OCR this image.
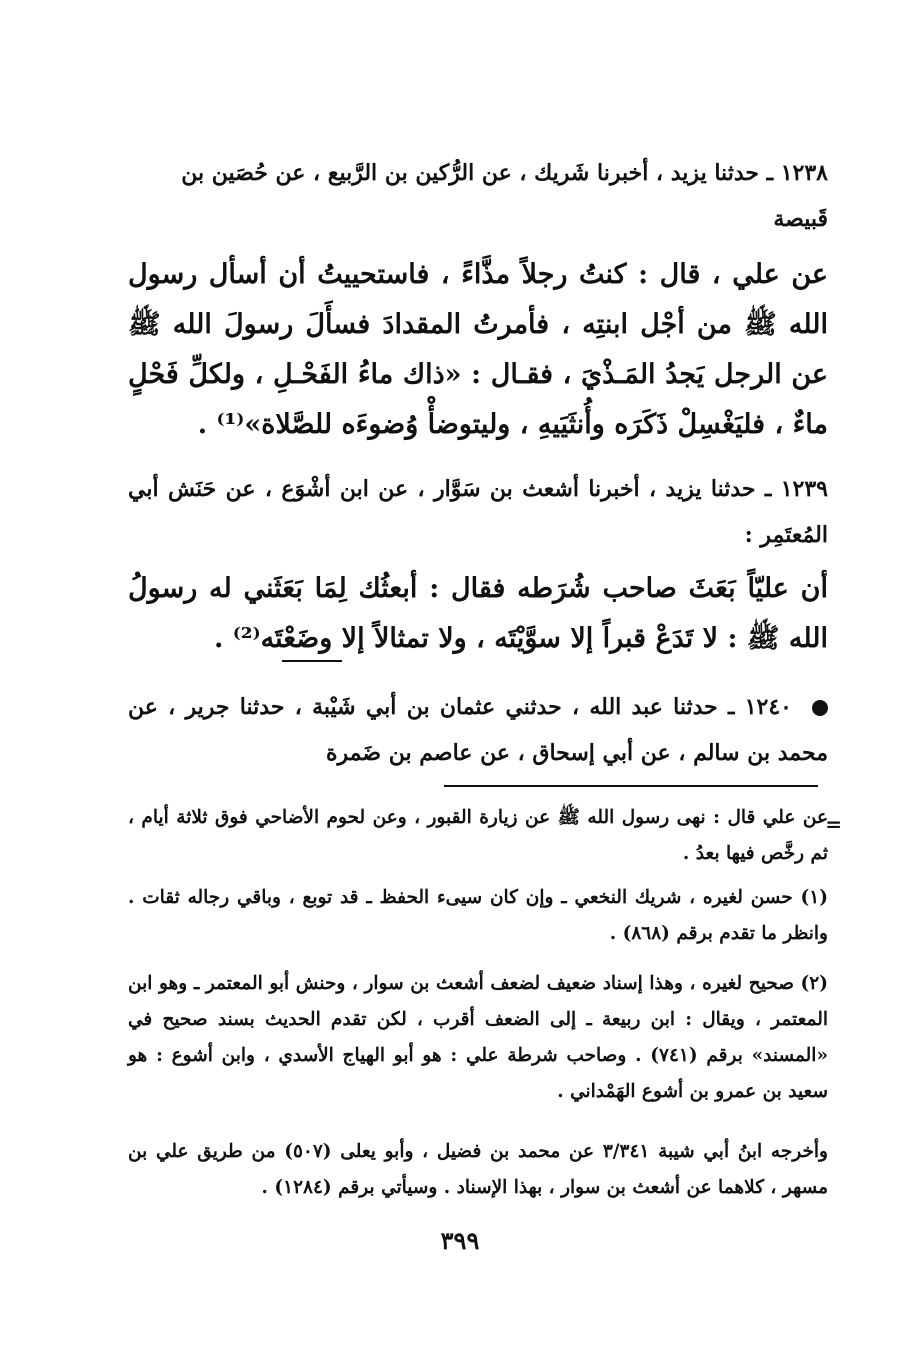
١٢٣٨ ـ حدثنا يزيد ، أخبرنا شَريك ، عن الرُّكين بن الرَّبيع ، عن حُصَين بن
قَبيصة
عن علي ، قال : كنتُ رجلاً مذَّاءً ، فاستحييتُ أن أسأل رسول الله ﷺ من أجْل ابنتِه ، فأمرتُ المقدادَ فسأَلَ رسولَ الله ﷺ عن الرجل يَجدُ المَـذْيَ ، فقـال : «ذاك ماءُ الفَحْـلِ ، ولكلِّ فَحْلٍ ماءٌ ، فليَغْسِلْ ذَكَرَه وأُنثَيَيهِ ، وليتوضأْ وُضوءَه للصَّلاة»⁽¹⁾ .
١٢٣٩ ـ حدثنا يزيد ، أخبرنا أشعث بن سَوَّار ، عن ابن أشْوَع ، عن حَنَش أبي المُعتَمِر :
أن عليّاً بَعَثَ صاحب شُرَطه فقال : أبعثُك لِمَا بَعَثَني له رسولُ الله ﷺ : لا تَدَعْ قبراً إلا سوَّيْتَه ، ولا تمثالاً إلا وضَعْتَه⁽²⁾ .
١٢٤٠ ـ حدثنا عبد الله ، حدثني عثمان بن أبي شَيْبة ، حدثنا جرير ، عن محمد بن سالم ، عن أبي إسحاق ، عن عاصم بن ضَمرة
=
عن علي قال : نهى رسول الله ﷺ عن زيارة القبور ، وعن لحوم الأضاحي فوق ثلاثة أيام ، ثم رخَّص فيها بعدُ .
(١) حسن لغيره ، شريك النخعي ـ وإن كان سيىء الحفظ ـ قد توبع ، وباقي رجاله ثقات . وانظر ما تقدم برقم (٨٦٨) .
(٢) صحيح لغيره ، وهذا إسناد ضعيف لضعف أشعث بن سوار ، وحنش أبو المعتمر ـ وهو ابن المعتمر ، ويقال : ابن ربيعة ـ إلى الضعف أقرب ، لكن تقدم الحديث بسند صحيح في «المسند» برقم (٧٤١) . وصاحب شرطة علي : هو أبو الهياج الأسدي ، وابن أشوع : هو سعيد بن عمرو بن أشوع الهَمْداني .
وأخرجه ابنُ أبي شيبة ٣/٣٤١ عن محمد بن فضيل ، وأبو يعلى (٥٠٧) من طريق علي بن مسهر ، كلاهما عن أشعث بن سوار ، بهذا الإسناد . وسيأتي برقم (١٢٨٤) .
٣٩٩
